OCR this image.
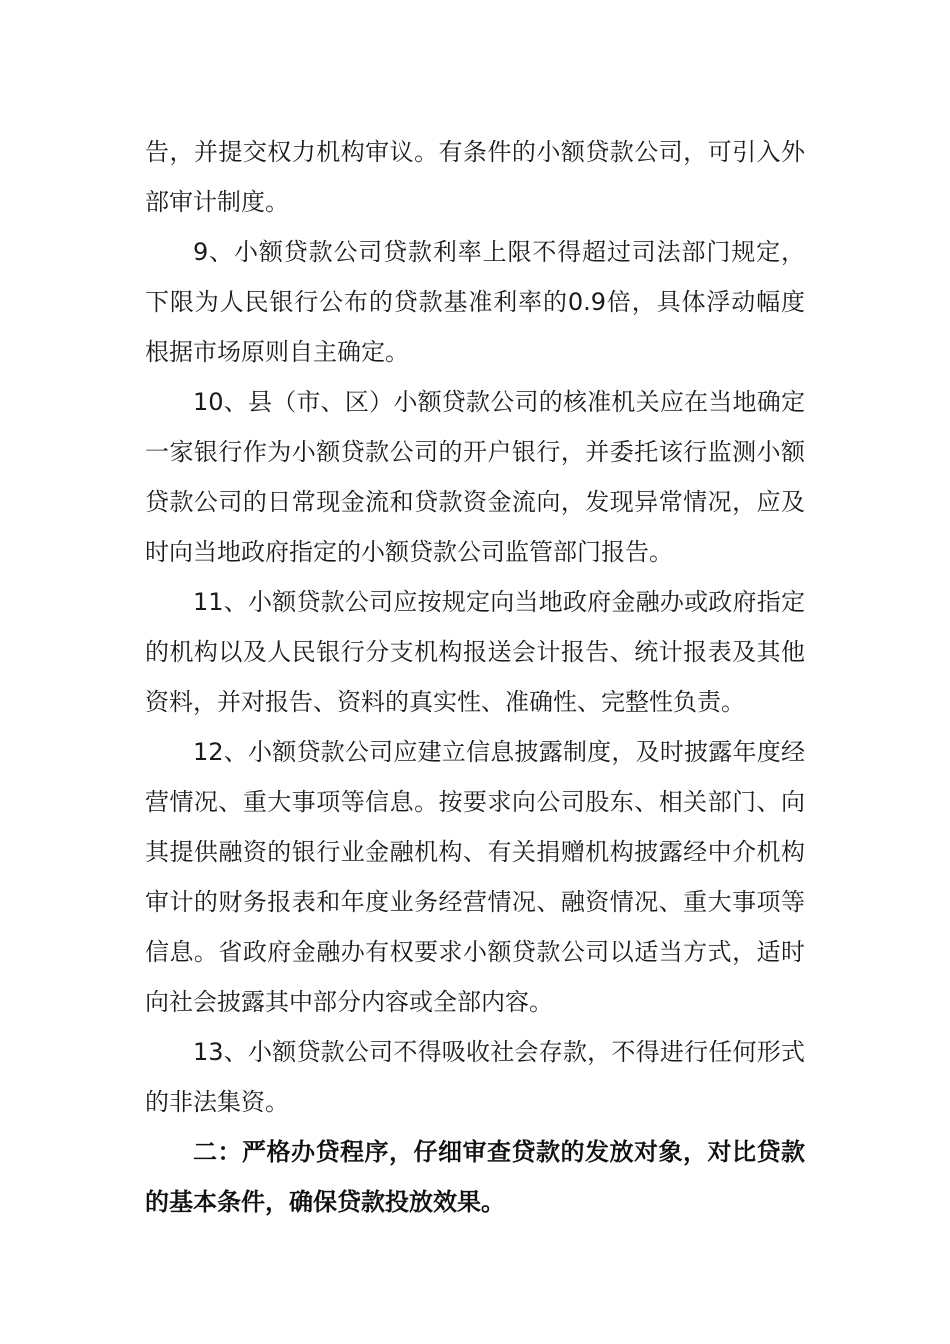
告，并提交权力机构审议。有条件的小额贷款公司，可引入外部审计制度。

9、小额贷款公司贷款利率上限不得超过司法部门规定，下限为人民银行公布的贷款基准利率的0.9倍，具体浮动幅度根据市场原则自主确定。

10、县（市、区）小额贷款公司的核准机关应在当地确定一家银行作为小额贷款公司的开户银行，并委托该行监测小额贷款公司的日常现金流和贷款资金流向，发现异常情况，应及时向当地政府指定的小额贷款公司监管部门报告。

11、小额贷款公司应按规定向当地政府金融办或政府指定的机构以及人民银行分支机构报送会计报告、统计报表及其他资料，并对报告、资料的真实性、准确性、完整性负责。

12、小额贷款公司应建立信息披露制度，及时披露年度经营情况、重大事项等信息。按要求向公司股东、相关部门、向其提供融资的银行业金融机构、有关捐赠机构披露经中介机构审计的财务报表和年度业务经营情况、融资情况、重大事项等信息。省政府金融办有权要求小额贷款公司以适当方式，适时向社会披露其中部分内容或全部内容。

13、小额贷款公司不得吸收社会存款，不得进行任何形式的非法集资。

二：严格办贷程序，仔细审查贷款的发放对象，对比贷款的基本条件，确保贷款投放效果。
